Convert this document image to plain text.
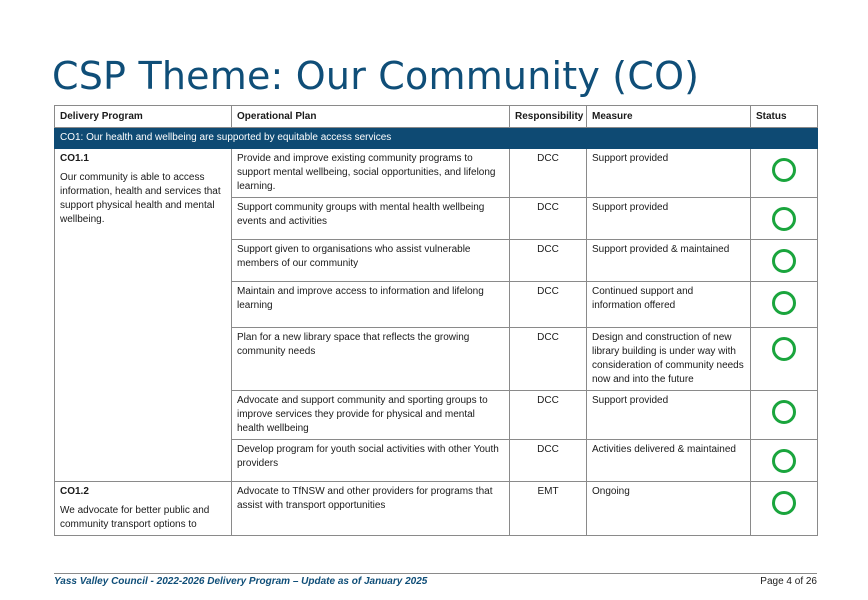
CSP Theme: Our Community (CO)
Delivery Program	Operational Plan	Responsibility	Measure	Status
CO1: Our health and wellbeing are supported by equitable access services				

CO1.1
Our community is able to access information, health and services that support physical health and mental wellbeing.	Provide and improve existing community programs to support mental wellbeing, social opportunities, and lifelong learning.	DCC	Support provided	
	Support community groups with mental health wellbeing events and activities	DCC	Support provided	
	Support given to organisations who assist vulnerable members of our community	DCC	Support provided & maintained	
	Maintain and improve access to information and lifelong learning	DCC	Continued support and information offered	
	Plan for a new library space that reflects the growing community needs	DCC	Design and construction of new library building is under way with consideration of community needs now and into the future	
	Advocate and support community and sporting groups to improve services they provide for physical and mental health wellbeing	DCC	Support provided	
	Develop program for youth social activities with other Youth providers	DCC	Activities delivered & maintained	

CO1.2
We advocate for better public and community transport options to	Advocate to TfNSW and other providers for programs that assist with transport opportunities	EMT	Ongoing	
Yass Valley Council - 2022-2026 Delivery Program – Update as of January 2025	Page 4 of 26
